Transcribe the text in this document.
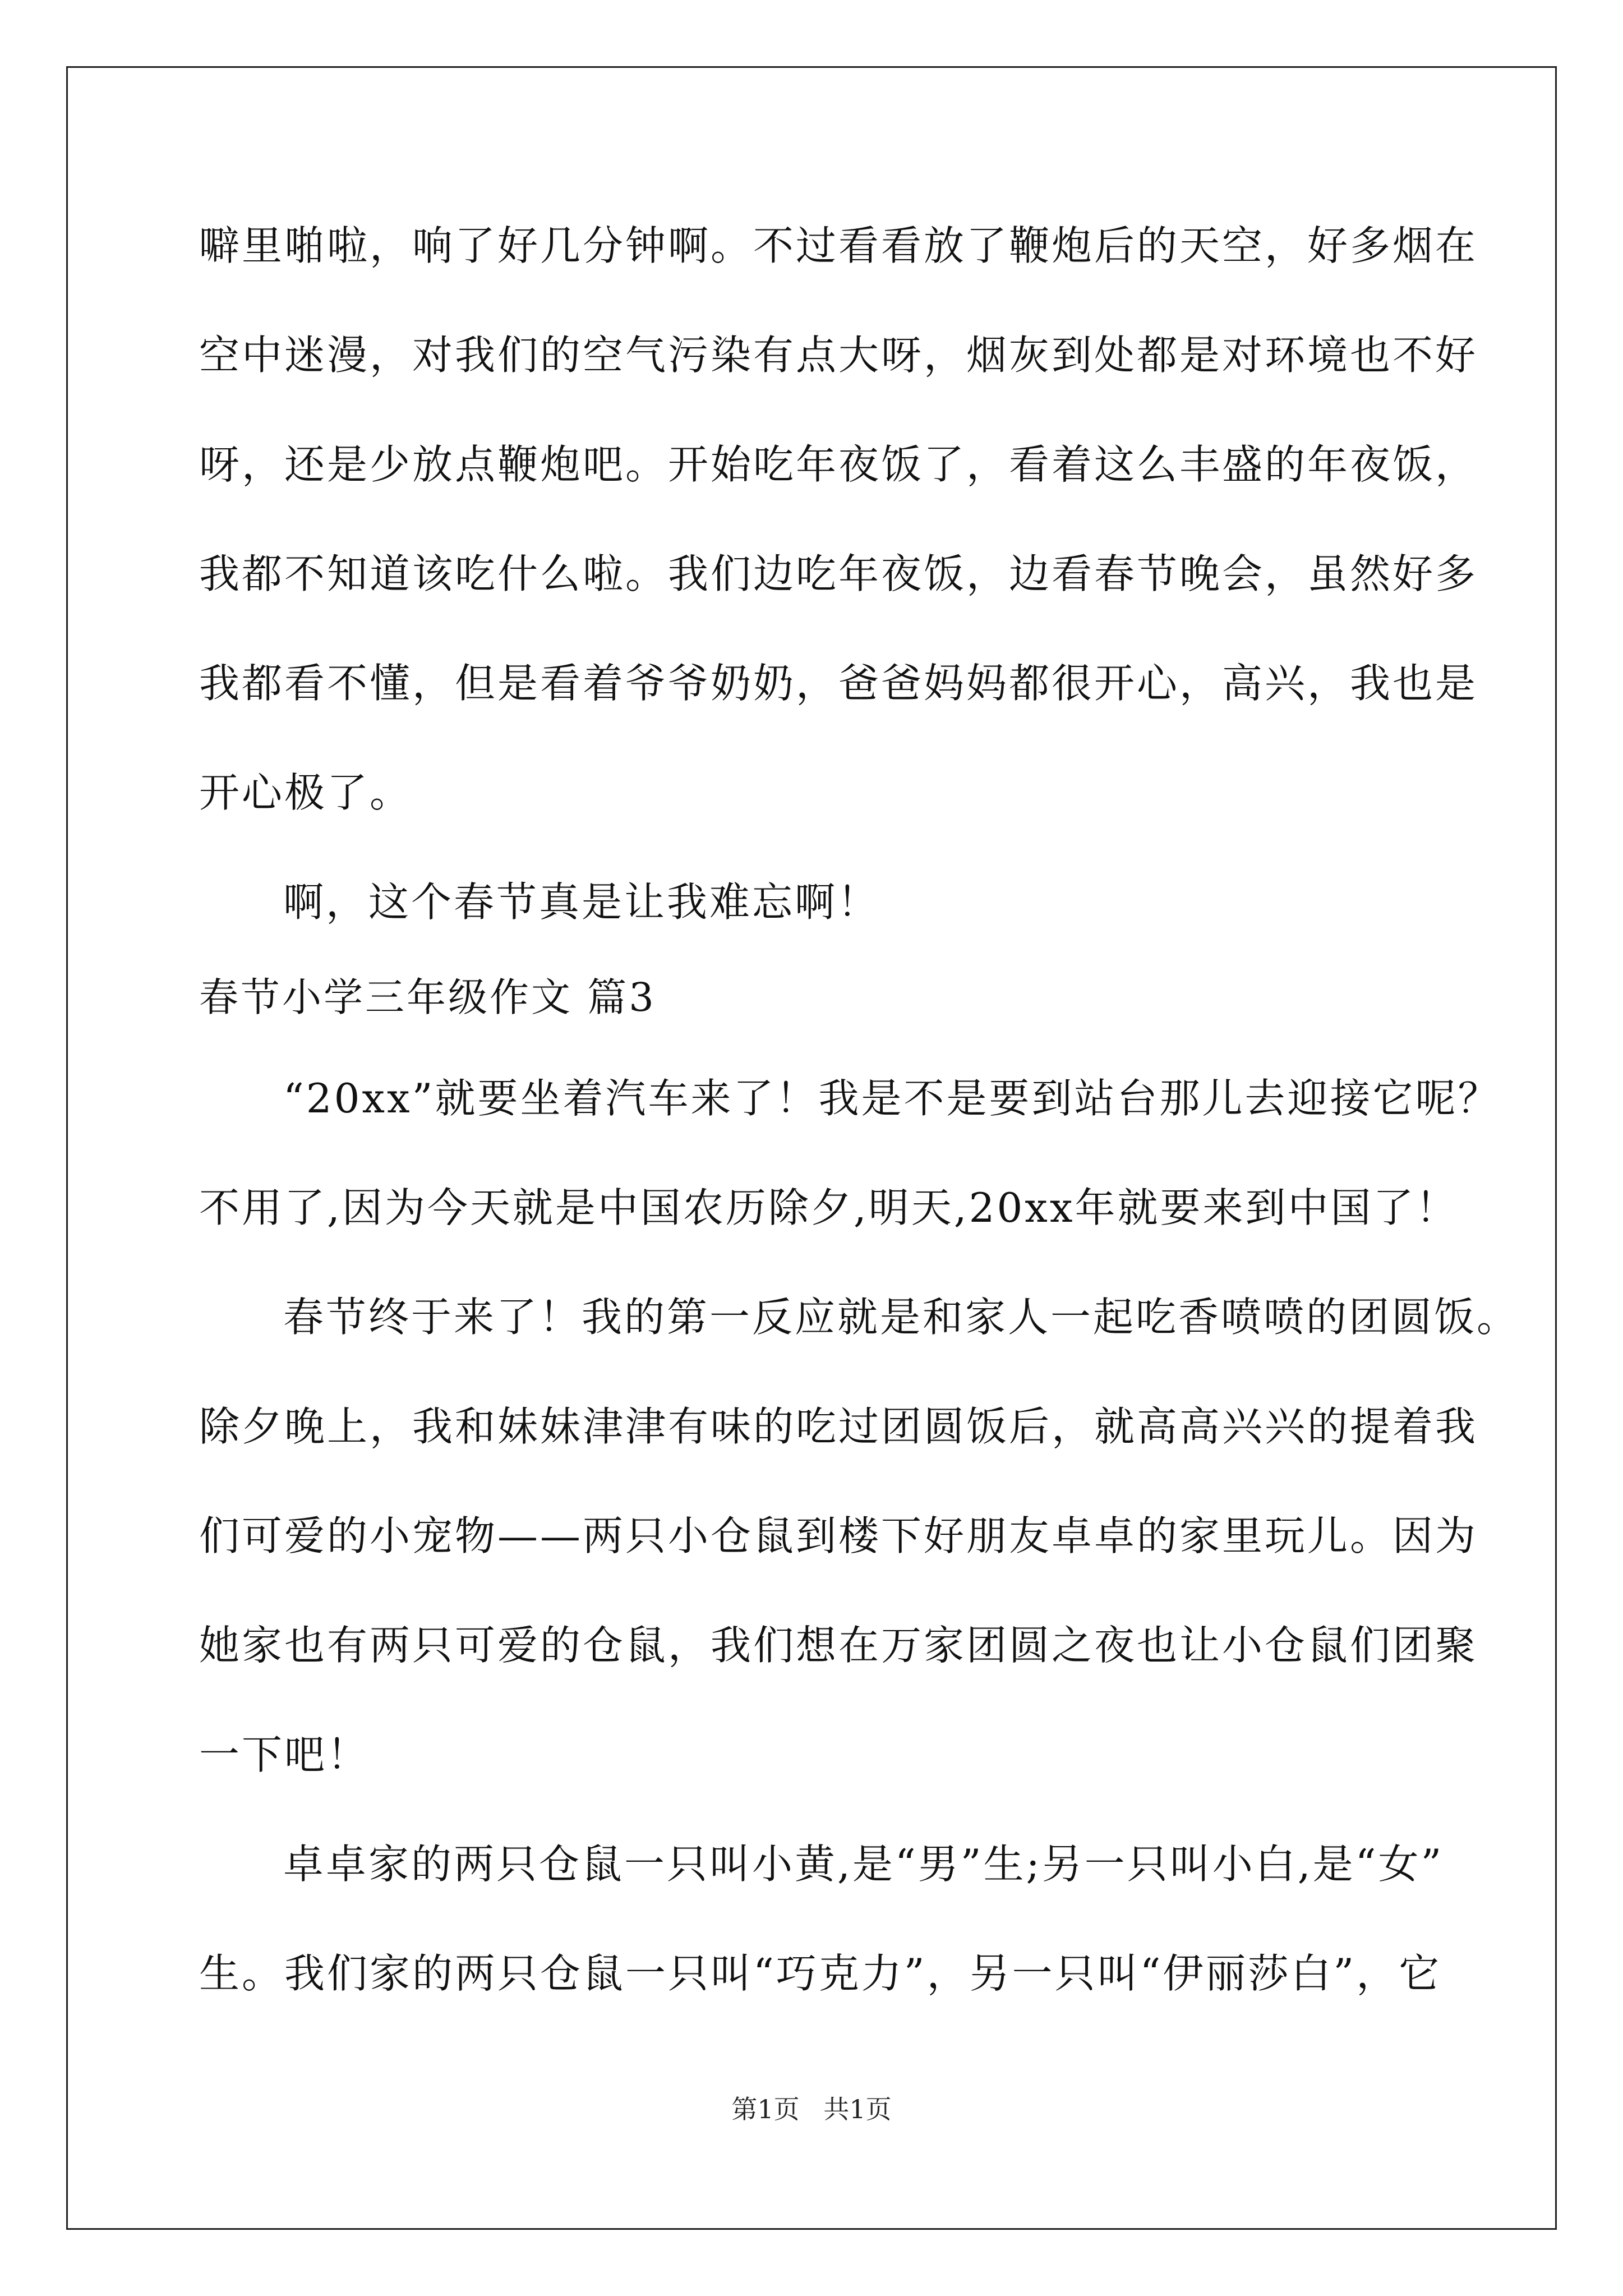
噼里啪啦，响了好几分钟啊。不过看看放了鞭炮后的天空，好多烟在
空中迷漫，对我们的空气污染有点大呀，烟灰到处都是对环境也不好
呀，还是少放点鞭炮吧。开始吃年夜饭了，看着这么丰盛的年夜饭，
我都不知道该吃什么啦。我们边吃年夜饭，边看春节晚会，虽然好多
我都看不懂，但是看着爷爷奶奶，爸爸妈妈都很开心，高兴，我也是
开心极了。
啊，这个春节真是让我难忘啊！
春节小学三年级作文 篇3
“20xx”就要坐着汽车来了！我是不是要到站台那儿去迎接它呢？
不用了,因为今天就是中国农历除夕,明天,20xx年就要来到中国了！
春节终于来了！我的第一反应就是和家人一起吃香喷喷的团圆饭。
除夕晚上，我和妹妹津津有味的吃过团圆饭后，就高高兴兴的提着我
们可爱的小宠物——两只小仓鼠到楼下好朋友卓卓的家里玩儿。因为
她家也有两只可爱的仓鼠，我们想在万家团圆之夜也让小仓鼠们团聚
一下吧！
卓卓家的两只仓鼠一只叫小黄,是“男”生;另一只叫小白,是“女”
生。我们家的两只仓鼠一只叫“巧克力”，另一只叫“伊丽莎白”，它
第1页 共1页
